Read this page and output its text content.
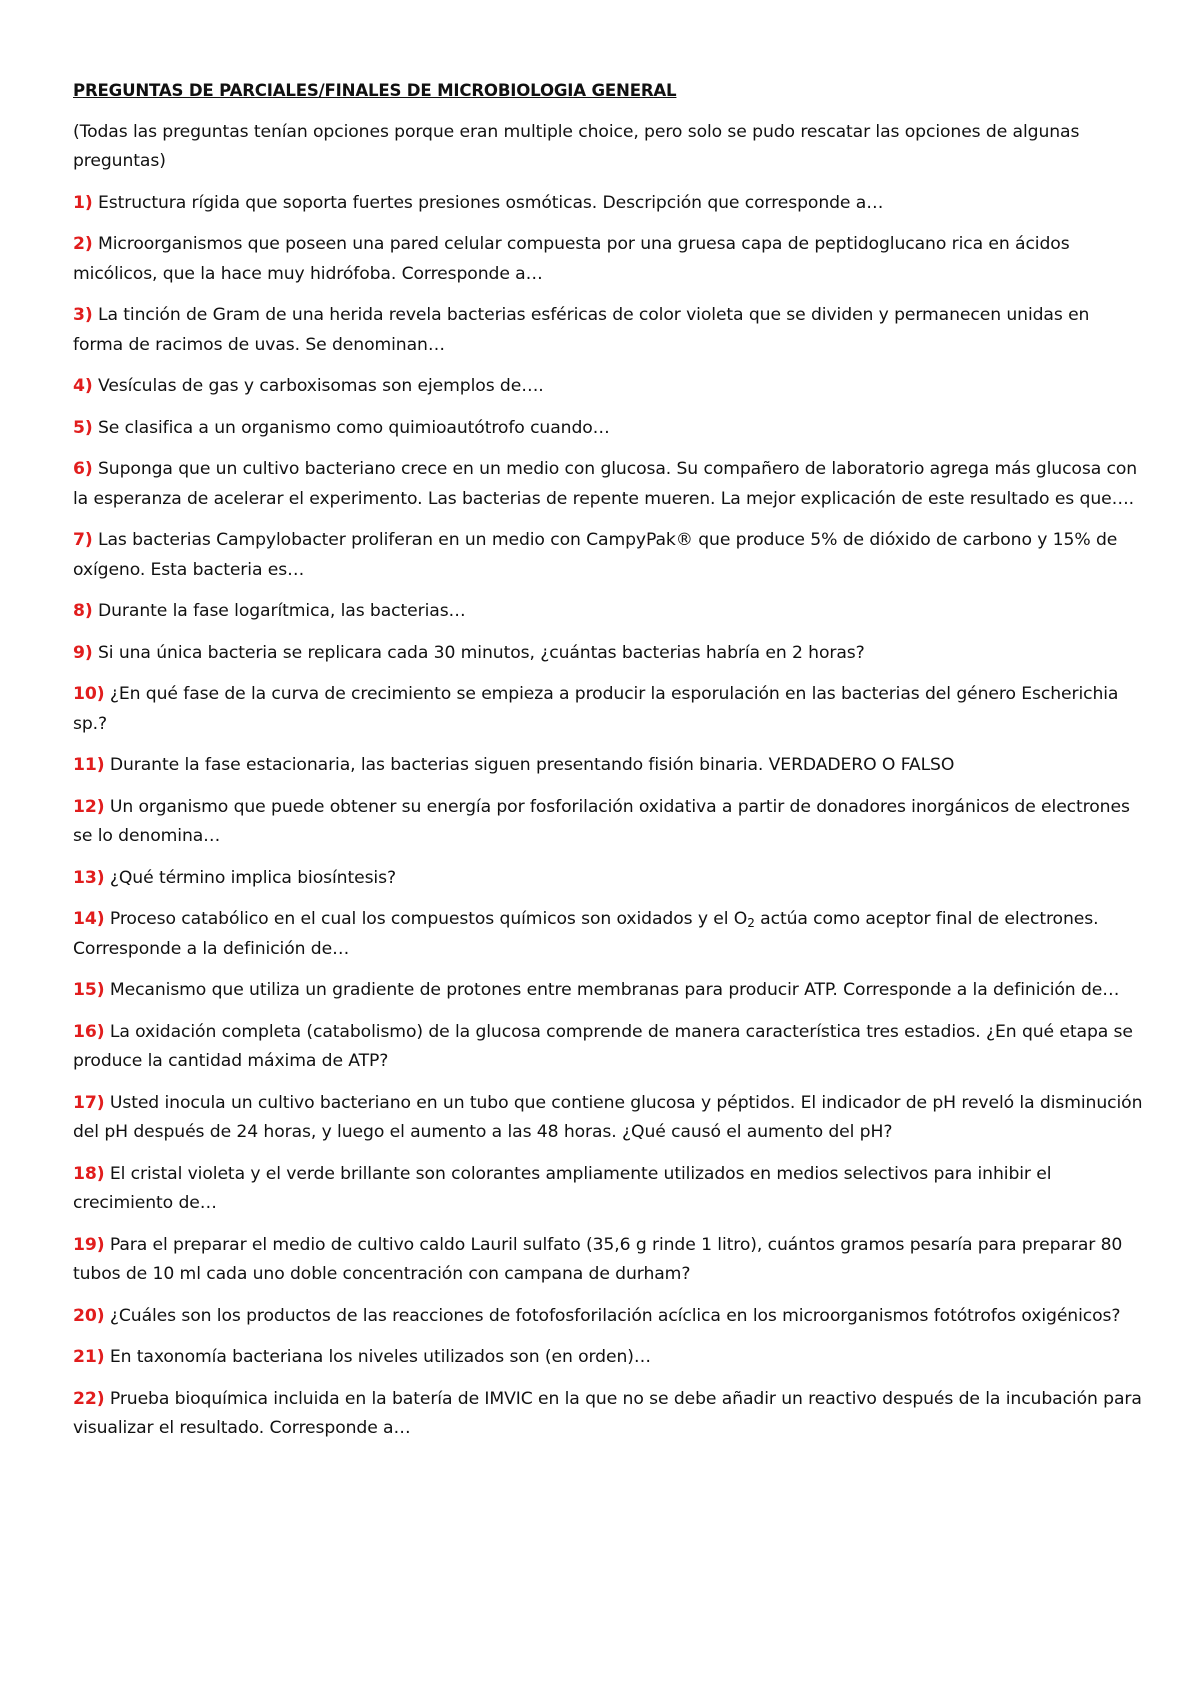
PREGUNTAS DE PARCIALES/FINALES DE MICROBIOLOGIA GENERAL

(Todas las preguntas tenían opciones porque eran multiple choice, pero solo se pudo rescatar las opciones de algunas preguntas)

1) Estructura rígida que soporta fuertes presiones osmóticas. Descripción que corresponde a…

2) Microorganismos que poseen una pared celular compuesta por una gruesa capa de peptidoglucano rica en ácidos micólicos, que la hace muy hidrófoba. Corresponde a…

3) La tinción de Gram de una herida revela bacterias esféricas de color violeta que se dividen y permanecen unidas en forma de racimos de uvas. Se denominan…

4) Vesículas de gas y carboxisomas son ejemplos de….

5) Se clasifica a un organismo como quimioautótrofo cuando…

6) Suponga que un cultivo bacteriano crece en un medio con glucosa. Su compañero de laboratorio agrega más glucosa con la esperanza de acelerar el experimento. Las bacterias de repente mueren. La mejor explicación de este resultado es que….

7) Las bacterias Campylobacter proliferan en un medio con CampyPak® que produce 5% de dióxido de carbono y 15% de oxígeno. Esta bacteria es…

8) Durante la fase logarítmica, las bacterias…

9) Si una única bacteria se replicara cada 30 minutos, ¿cuántas bacterias habría en 2 horas?

10) ¿En qué fase de la curva de crecimiento se empieza a producir la esporulación en las bacterias del género Escherichia sp.?

11) Durante la fase estacionaria, las bacterias siguen presentando fisión binaria. VERDADERO O FALSO

12) Un organismo que puede obtener su energía por fosforilación oxidativa a partir de donadores inorgánicos de electrones se lo denomina…

13) ¿Qué término implica biosíntesis?

14) Proceso catabólico en el cual los compuestos químicos son oxidados y el $O_2$ actúa como aceptor final de electrones. Corresponde a la definición de…

15) Mecanismo que utiliza un gradiente de protones entre membranas para producir ATP. Corresponde a la definición de…

16) La oxidación completa (catabolismo) de la glucosa comprende de manera característica tres estadios. ¿En qué etapa se produce la cantidad máxima de ATP?

17) Usted inocula un cultivo bacteriano en un tubo que contiene glucosa y péptidos. El indicador de pH reveló la disminución del pH después de 24 horas, y luego el aumento a las 48 horas. ¿Qué causó el aumento del pH?

18) El cristal violeta y el verde brillante son colorantes ampliamente utilizados en medios selectivos para inhibir el crecimiento de…

19) Para el preparar el medio de cultivo caldo Lauril sulfato (35,6 g rinde 1 litro), cuántos gramos pesaría para preparar 80 tubos de 10 ml cada uno doble concentración con campana de durham?

20) ¿Cuáles son los productos de las reacciones de fotofosforilación acíclica en los microorganismos fotótrofos oxigénicos?

21) En taxonomía bacteriana los niveles utilizados son (en orden)…

22) Prueba bioquímica incluida en la batería de IMVIC en la que no se debe añadir un reactivo después de la incubación para visualizar el resultado. Corresponde a…
